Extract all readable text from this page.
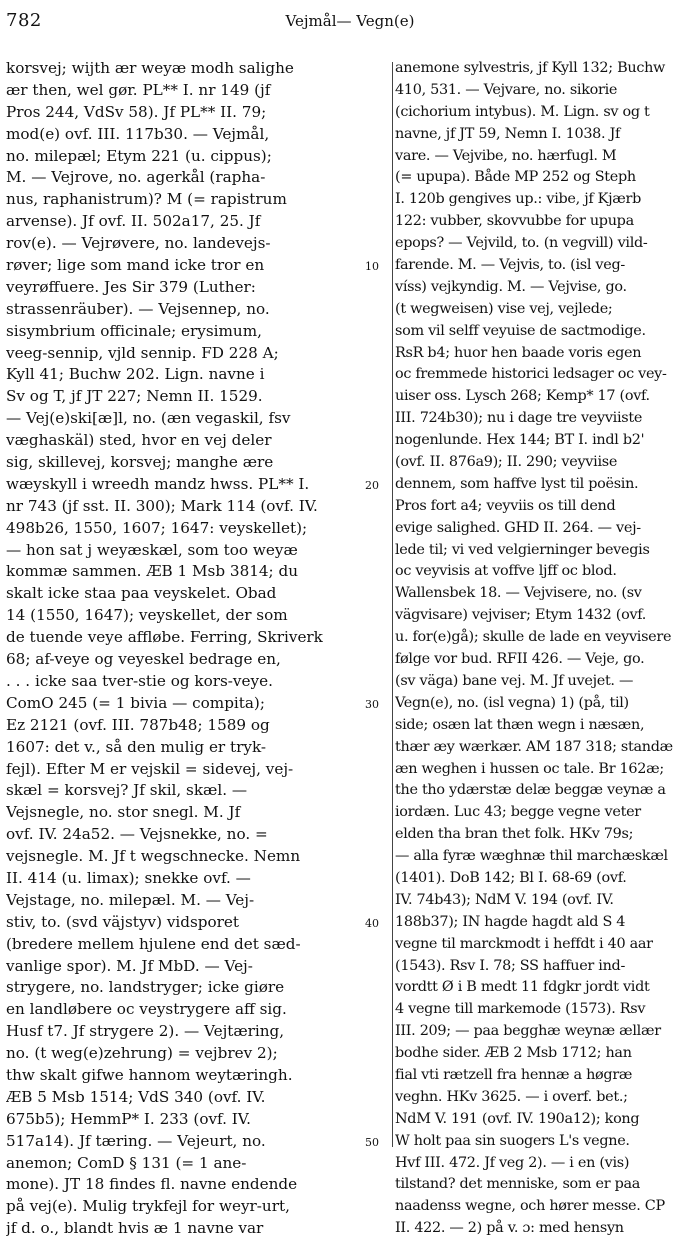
782	Vejmål— Vegn(e)
korsvej; wijth ær weyæ modh salighe
ær then, wel gør. PL** I. nr 149 (jf
Pros 244, VdSv 58). Jf PL** II. 79;
mod(e) ovf. III. 117b30. — Vejmål,
no. milepæl; Etym 221 (u. cippus);
M. — Vejrove, no. agerkål (rapha-
nus, raphanistrum)? M (= rapistrum
arvense). Jf ovf. II. 502a17, 25. Jf
rov(e). — Vejrøvere, no. landevejs-
røver; lige som mand icke tror en
veyrøffuere. Jes Sir 379 (Luther:
strassenräuber). — Vejsennep, no.
sisymbrium officinale; erysimum,
veeg-sennip, vjld sennip. FD 228 A;
Kyll 41; Buchw 202. Lign. navne i
Sv og T, jf JT 227; Nemn II. 1529.
— Vej(e)ski[æ]l, no. (æn vegaskil, fsv
væghaskäl) sted, hvor en vej deler
sig, skillevej, korsvej; manghe ære
wæyskyll i wreedh mandz hwss. PL** I.
nr 743 (jf sst. II. 300); Mark 114 (ovf. IV.
498b26, 1550, 1607; 1647: veyskellet);
— hon sat j weyæskæl, som too weyæ
kommæ sammen. ÆB 1 Msb 3814; du
skalt icke staa paa veyskelet. Obad
14 (1550, 1647); veyskellet, der som
de tuende veye affløbe. Ferring, Skriverk
68; af-veye og veyeskel bedrage en,
. . . icke saa tver-stie og kors-veye.
ComO 245 (= 1 bivia — compita);
Ez 2121 (ovf. III. 787b48; 1589 og
1607: det v., så den mulig er tryk-
fejl). Efter M er vejskil = sidevej, vej-
skæl = korsvej? Jf skil, skæl. —
Vejsnegle, no. stor snegl. M. Jf
ovf. IV. 24a52. — Vejsnekke, no. =
vejsnegle. M. Jf t wegschnecke. Nemn
II. 414 (u. limax); snekke ovf. —
Vejstage, no. milepæl. M. — Vej-
stiv, to. (svd väjstyv) vidsporet
(bredere mellem hjulene end det sæd-
vanlige spor). M. Jf MbD. — Vej-
strygere, no. landstryger; icke giøre
en landløbere oc veystrygere aff sig.
Husf t7. Jf strygere 2). — Vejtæring,
no. (t weg(e)zehrung) = vejbrev 2);
thw skalt gifwe hannom weytæringh.
ÆB 5 Msb 1514; VdS 340 (ovf. IV.
675b5); HemmP* I. 233 (ovf. IV.
517a14). Jf tæring. — Vejeurt, no.
anemon; ComD § 131 (= 1 ane-
mone). JT 18 findes fl. navne endende
på vej(e). Mulig trykfejl for weyr-urt,
jf d. o., blandt hvis æ 1 navne var
10
20
30
40
50
anemone sylvestris, jf Kyll 132; Buchw
410, 531. — Vejvare, no. sikorie
(cichorium intybus). M. Lign. sv og t
navne, jf JT 59, Nemn I. 1038. Jf
vare. — Vejvibe, no. hærfugl. M
(= upupa). Både MP 252 og Steph
I. 120b gengives up.: vibe, jf Kjærb
122: vubber, skovvubbe for upupa
epops? — Vejvild, to. (n vegvill) vild-
farende. M. — Vejvis, to. (isl veg-
víss) vejkyndig. M. — Vejvise, go.
(t wegweisen) vise vej, vejlede;
som vil selff veyuise de sactmodige.
RsR b4; huor hen baade voris egen
oc fremmede historici ledsager oc vey-
uiser oss. Lysch 268; Kemp* 17 (ovf.
III. 724b30); nu i dage tre veyviiste
nogenlunde. Hex 144; BT I. indl b2'
(ovf. II. 876a9); II. 290; veyviise
dennem, som haffve lyst til poësin.
Pros fort a4; veyviis os till dend
evige salighed. GHD II. 264. — vej-
lede til; vi ved velgierninger bevegis
oc veyvisis at voffve ljff oc blod.
Wallensbek 18. — Vejvisere, no. (sv
vägvisare) vejviser; Etym 1432 (ovf.
u. for(e)gå); skulle de lade en veyvisere
følge vor bud. RFII 426. — Veje, go.
(sv väga) bane vej. M. Jf uvejet. —
Vegn(e), no. (isl vegna) 1) (på, til)
side; osæn lat thæn wegn i næsæn,
thær æy wærkær. AM 187 318; standæ
æn weghen i hussen oc tale. Br 162æ;
the tho ydærstæ delæ beggæ veynæ a
iordæn. Luc 43; begge vegne veter
elden tha bran thet folk. HKv 79s;
— alla fyræ wæghnæ thil marchæskæl
(1401). DoB 142; Bl I. 68-69 (ovf.
IV. 74b43); NdM V. 194 (ovf. IV.
188b37); IN hagde hagdt ald S 4
vegne til marckmodt i heffdt i 40 aar
(1543). Rsv I. 78; SS haffuer ind-
vordtt Ø i B medt 11 fdgkr jordt vidt
4 vegne till markemode (1573). Rsv
III. 209; — paa begghæ weynæ ællær
bodhe sider. ÆB 2 Msb 1712; han
fial vti rætzell fra hennæ a høgræ
veghn. HKv 3625. — i overf. bet.;
NdM V. 191 (ovf. IV. 190a12); kong
W holt paa sin suogers L's vegne.
Hvf III. 472. Jf veg 2). — i en (vis)
tilstand? det menniske, som er paa
naadenss wegne, och hører messe. CP
II. 422. — 2) på v. ɔ: med hensyn
